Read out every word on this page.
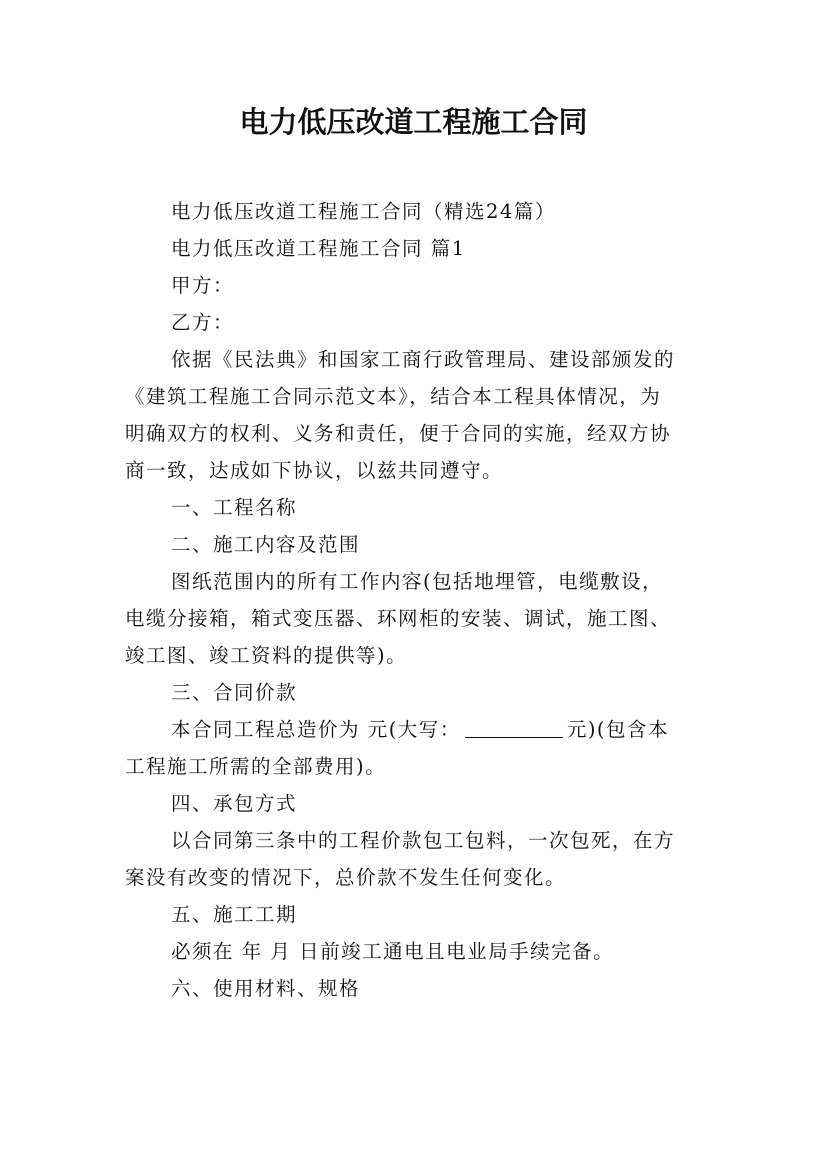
电力低压改道工程施工合同
电力低压改道工程施工合同（精选24篇）
电力低压改道工程施工合同 篇1
甲方：
乙方：
依据《民法典》和国家工商行政管理局、建设部颁发的
《建筑工程施工合同示范文本》，结合本工程具体情况，为
明确双方的权利、义务和责任，便于合同的实施，经双方协
商一致，达成如下协议，以兹共同遵守。
一、工程名称
二、施工内容及范围
图纸范围内的所有工作内容(包括地埋管，电缆敷设，
电缆分接箱，箱式变压器、环网柜的安装、调试，施工图、
竣工图、竣工资料的提供等)。
三、合同价款
本合同工程总造价为 元(大写：	元)(包含本
工程施工所需的全部费用)。
四、承包方式
以合同第三条中的工程价款包工包料，一次包死，在方
案没有改变的情况下，总价款不发生任何变化。
五、施工工期
必须在 年 月 日前竣工通电且电业局手续完备。
六、使用材料、规格
